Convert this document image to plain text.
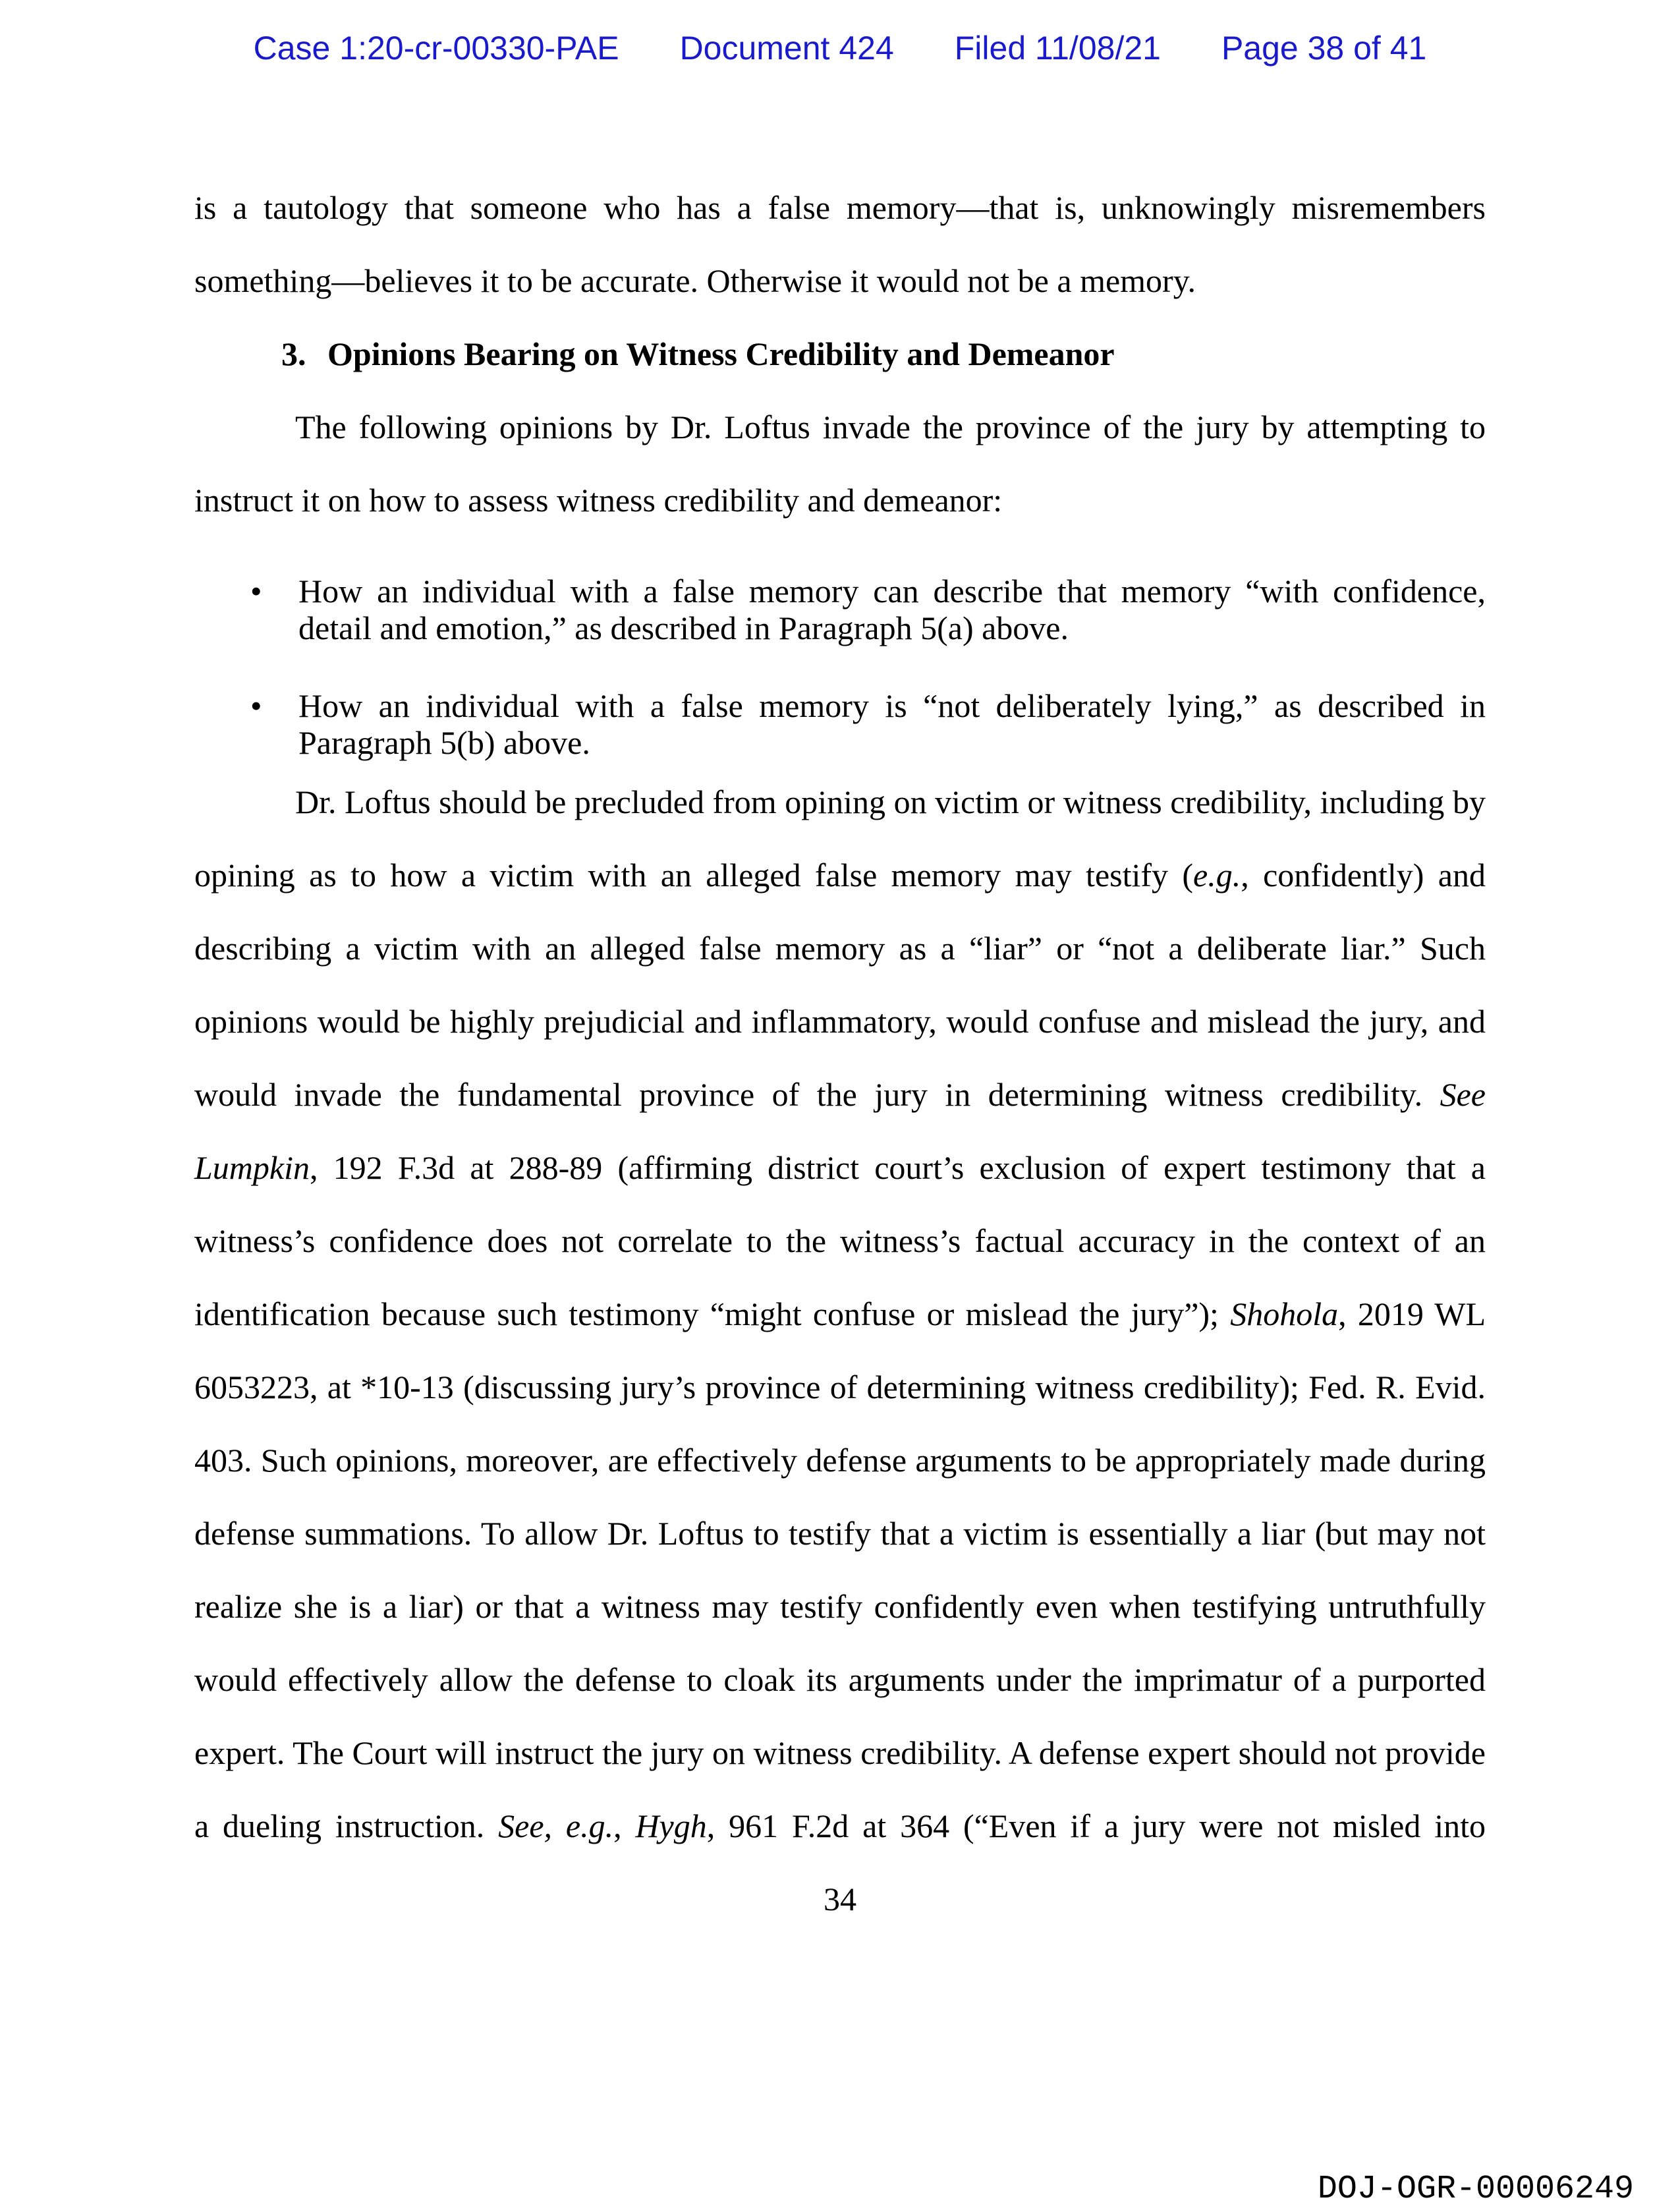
Case 1:20-cr-00330-PAE Document 424 Filed 11/08/21 Page 38 of 41

is a tautology that someone who has a false memory—that is, unknowingly misremembers something—believes it to be accurate. Otherwise it would not be a memory.

3. Opinions Bearing on Witness Credibility and Demeanor

The following opinions by Dr. Loftus invade the province of the jury by attempting to instruct it on how to assess witness credibility and demeanor:

• How an individual with a false memory can describe that memory “with confidence, detail and emotion,” as described in Paragraph 5(a) above.
• How an individual with a false memory is “not deliberately lying,” as described in Paragraph 5(b) above.

Dr. Loftus should be precluded from opining on victim or witness credibility, including by opining as to how a victim with an alleged false memory may testify (e.g., confidently) and describing a victim with an alleged false memory as a “liar” or “not a deliberate liar.” Such opinions would be highly prejudicial and inflammatory, would confuse and mislead the jury, and would invade the fundamental province of the jury in determining witness credibility. See Lumpkin, 192 F.3d at 288-89 (affirming district court’s exclusion of expert testimony that a witness’s confidence does not correlate to the witness’s factual accuracy in the context of an identification because such testimony “might confuse or mislead the jury”); Shohola, 2019 WL 6053223, at *10-13 (discussing jury’s province of determining witness credibility); Fed. R. Evid. 403. Such opinions, moreover, are effectively defense arguments to be appropriately made during defense summations. To allow Dr. Loftus to testify that a victim is essentially a liar (but may not realize she is a liar) or that a witness may testify confidently even when testifying untruthfully would effectively allow the defense to cloak its arguments under the imprimatur of a purported expert. The Court will instruct the jury on witness credibility. A defense expert should not provide a dueling instruction. See, e.g., Hygh, 961 F.2d at 364 (“Even if a jury were not misled into

34
DOJ-OGR-00006249
